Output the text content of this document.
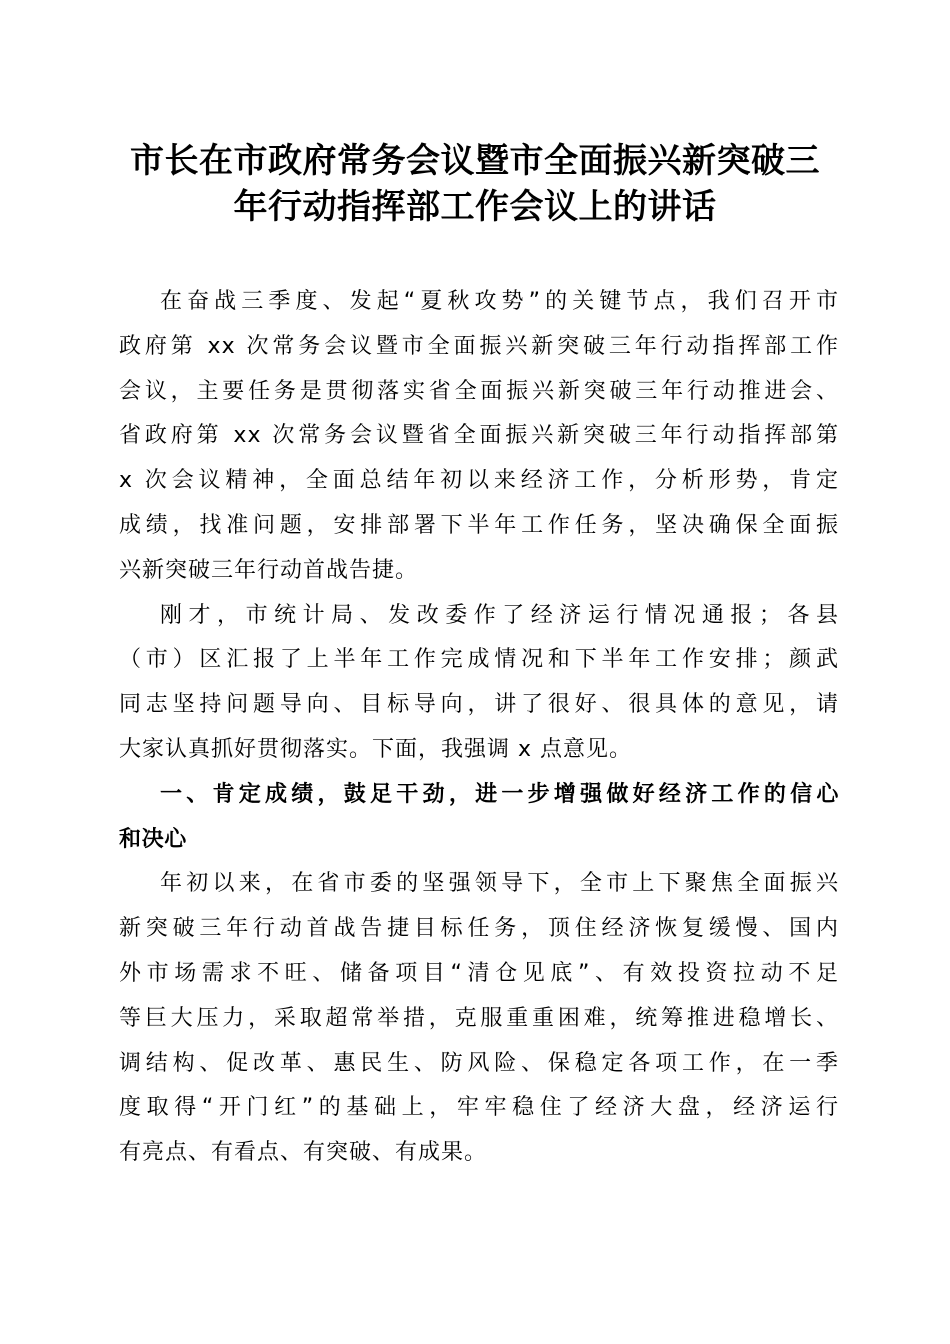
市长在市政府常务会议暨市全面振兴新突破三
年行动指挥部工作会议上的讲话
在奋战三季度、发起“夏秋攻势”的关键节点，我们召开市
政府第 xx 次常务会议暨市全面振兴新突破三年行动指挥部工作
会议，主要任务是贯彻落实省全面振兴新突破三年行动推进会、
省政府第 xx 次常务会议暨省全面振兴新突破三年行动指挥部第
x 次会议精神，全面总结年初以来经济工作，分析形势，肯定
成绩，找准问题，安排部署下半年工作任务，坚决确保全面振
兴新突破三年行动首战告捷。
刚才，市统计局、发改委作了经济运行情况通报；各县
（市）区汇报了上半年工作完成情况和下半年工作安排；颜武
同志坚持问题导向、目标导向，讲了很好、很具体的意见，请
大家认真抓好贯彻落实。下面，我强调 x 点意见。
一、肯定成绩，鼓足干劲，进一步增强做好经济工作的信心
和决心
年初以来，在省市委的坚强领导下，全市上下聚焦全面振兴
新突破三年行动首战告捷目标任务，顶住经济恢复缓慢、国内
外市场需求不旺、储备项目“清仓见底”、有效投资拉动不足
等巨大压力，采取超常举措，克服重重困难，统筹推进稳增长、
调结构、促改革、惠民生、防风险、保稳定各项工作，在一季
度取得“开门红”的基础上，牢牢稳住了经济大盘，经济运行
有亮点、有看点、有突破、有成果。
